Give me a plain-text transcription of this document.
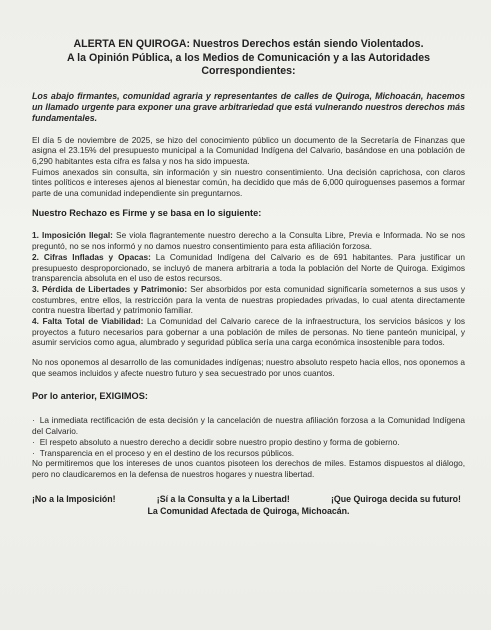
ALERTA EN QUIROGA: Nuestros Derechos están siendo Violentados.
A la Opinión Pública, a los Medios de Comunicación y a las Autoridades
Correspondientes:

Los abajo firmantes, comunidad agraria y representantes de calles de Quiroga, Michoacán, hacemos un llamado urgente para exponer una grave arbitrariedad que está vulnerando nuestros derechos más fundamentales.

El día 5 de noviembre de 2025, se hizo del conocimiento público un documento de la Secretaría de Finanzas que asigna el 23.15% del presupuesto municipal a la Comunidad Indígena del Calvario, basándose en una población de 6,290 habitantes esta cifra es falsa y nos ha sido impuesta.

Fuimos anexados sin consulta, sin información y sin nuestro consentimiento. Una decisión caprichosa, con claros tintes políticos e intereses ajenos al bienestar común, ha decidido que más de 6,000 quiroguenses pasemos a formar parte de una comunidad independiente sin preguntarnos.

Nuestro Rechazo es Firme y se basa en lo siguiente:

1. Imposición Ilegal: Se viola flagrantemente nuestro derecho a la Consulta Libre, Previa e Informada. No se nos preguntó, no se nos informó y no damos nuestro consentimiento para esta afiliación forzosa.

2. Cifras Infladas y Opacas: La Comunidad Indígena del Calvario es de 691 habitantes. Para justificar un presupuesto desproporcionado, se incluyó de manera arbitraria a toda la población del Norte de Quiroga. Exigimos transparencia absoluta en el uso de estos recursos.

3. Pérdida de Libertades y Patrimonio: Ser absorbidos por esta comunidad significaría someternos a sus usos y costumbres, entre ellos, la restricción para la venta de nuestras propiedades privadas, lo cual atenta directamente contra nuestra libertad y patrimonio familiar.

4. Falta Total de Viabilidad: La Comunidad del Calvario carece de la infraestructura, los servicios básicos y los proyectos a futuro necesarios para gobernar a una población de miles de personas. No tiene panteón municipal, y asumir servicios como agua, alumbrado y seguridad pública sería una carga económica insostenible para todos.

No nos oponemos al desarrollo de las comunidades indígenas; nuestro absoluto respeto hacia ellos, nos oponemos a que seamos incluidos y afecte nuestro futuro y sea secuestrado por unos cuantos.

Por lo anterior, EXIGIMOS:

· La inmediata rectificación de esta decisión y la cancelación de nuestra afiliación forzosa a la Comunidad Indígena del Calvario.

· El respeto absoluto a nuestro derecho a decidir sobre nuestro propio destino y forma de gobierno.

· Transparencia en el proceso y en el destino de los recursos públicos.

No permitiremos que los intereses de unos cuantos pisoteen los derechos de miles. Estamos dispuestos al diálogo, pero no claudicaremos en la defensa de nuestros hogares y nuestra libertad.

¡No a la Imposición!	¡Sí a la Consulta y a la Libertad!	¡Que Quiroga decida su futuro!
La Comunidad Afectada de Quiroga, Michoacán.
